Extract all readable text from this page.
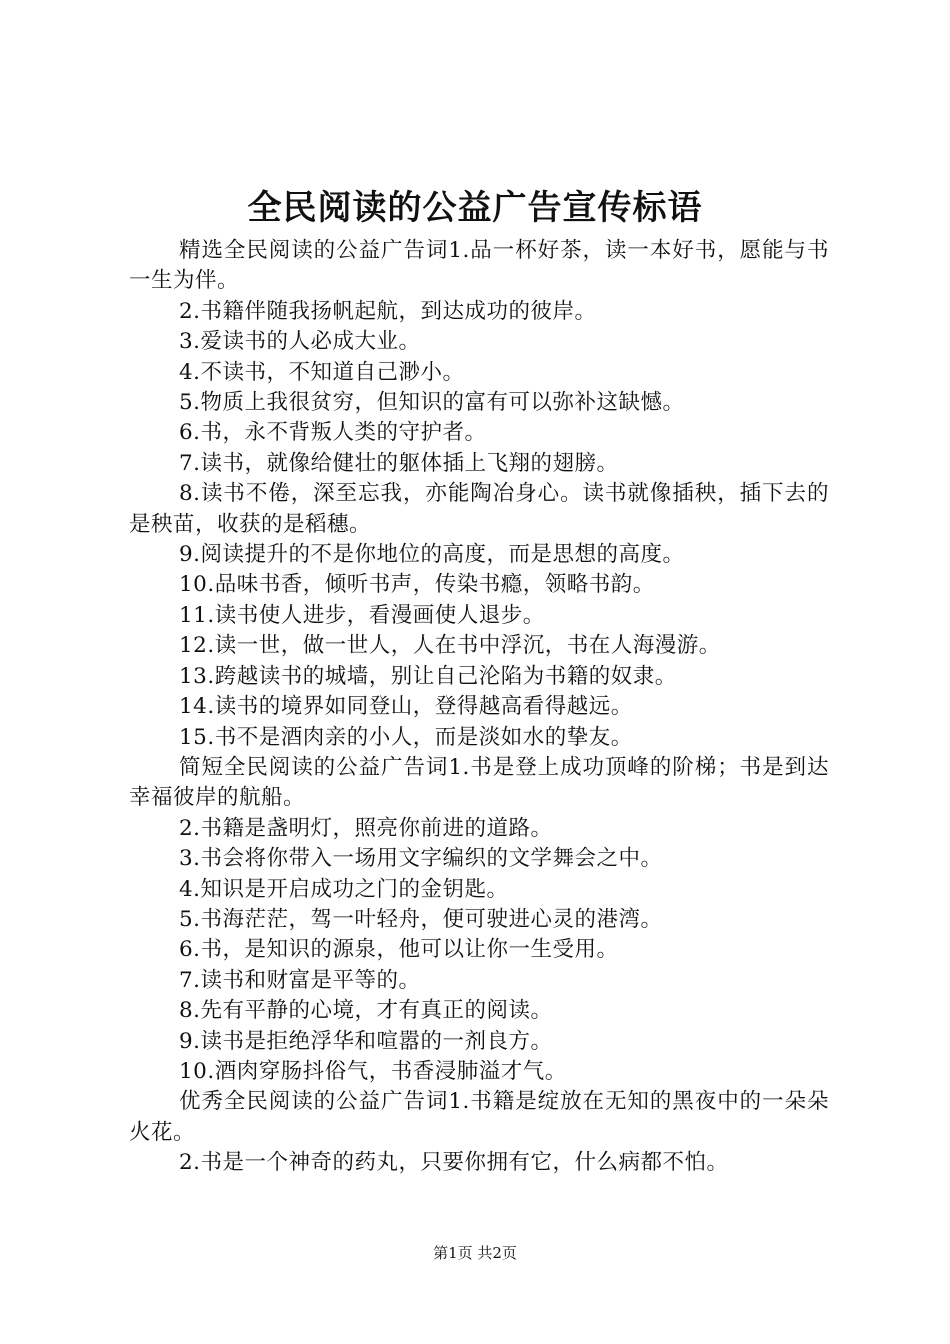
全民阅读的公益广告宣传标语

精选全民阅读的公益广告词1.品一杯好茶，读一本好书，愿能与书一生为伴。

2.书籍伴随我扬帆起航，到达成功的彼岸。

3.爱读书的人必成大业。

4.不读书，不知道自己渺小。

5.物质上我很贫穷，但知识的富有可以弥补这缺憾。

6.书，永不背叛人类的守护者。

7.读书，就像给健壮的躯体插上飞翔的翅膀。

8.读书不倦，深至忘我，亦能陶冶身心。读书就像插秧，插下去的是秧苗，收获的是稻穗。

9.阅读提升的不是你地位的高度，而是思想的高度。

10.品味书香，倾听书声，传染书瘾，领略书韵。

11.读书使人进步，看漫画使人退步。

12.读一世，做一世人，人在书中浮沉，书在人海漫游。

13.跨越读书的城墙，别让自己沦陷为书籍的奴隶。

14.读书的境界如同登山，登得越高看得越远。

15.书不是酒肉亲的小人，而是淡如水的挚友。

简短全民阅读的公益广告词1.书是登上成功顶峰的阶梯；书是到达幸福彼岸的航船。

2.书籍是盏明灯，照亮你前进的道路。

3.书会将你带入一场用文字编织的文学舞会之中。

4.知识是开启成功之门的金钥匙。

5.书海茫茫，驾一叶轻舟，便可驶进心灵的港湾。

6.书，是知识的源泉，他可以让你一生受用。

7.读书和财富是平等的。

8.先有平静的心境，才有真正的阅读。

9.读书是拒绝浮华和喧嚣的一剂良方。

10.酒肉穿肠抖俗气，书香浸肺溢才气。

优秀全民阅读的公益广告词1.书籍是绽放在无知的黑夜中的一朵朵火花。

2.书是一个神奇的药丸，只要你拥有它，什么病都不怕。

第1页 共2页
